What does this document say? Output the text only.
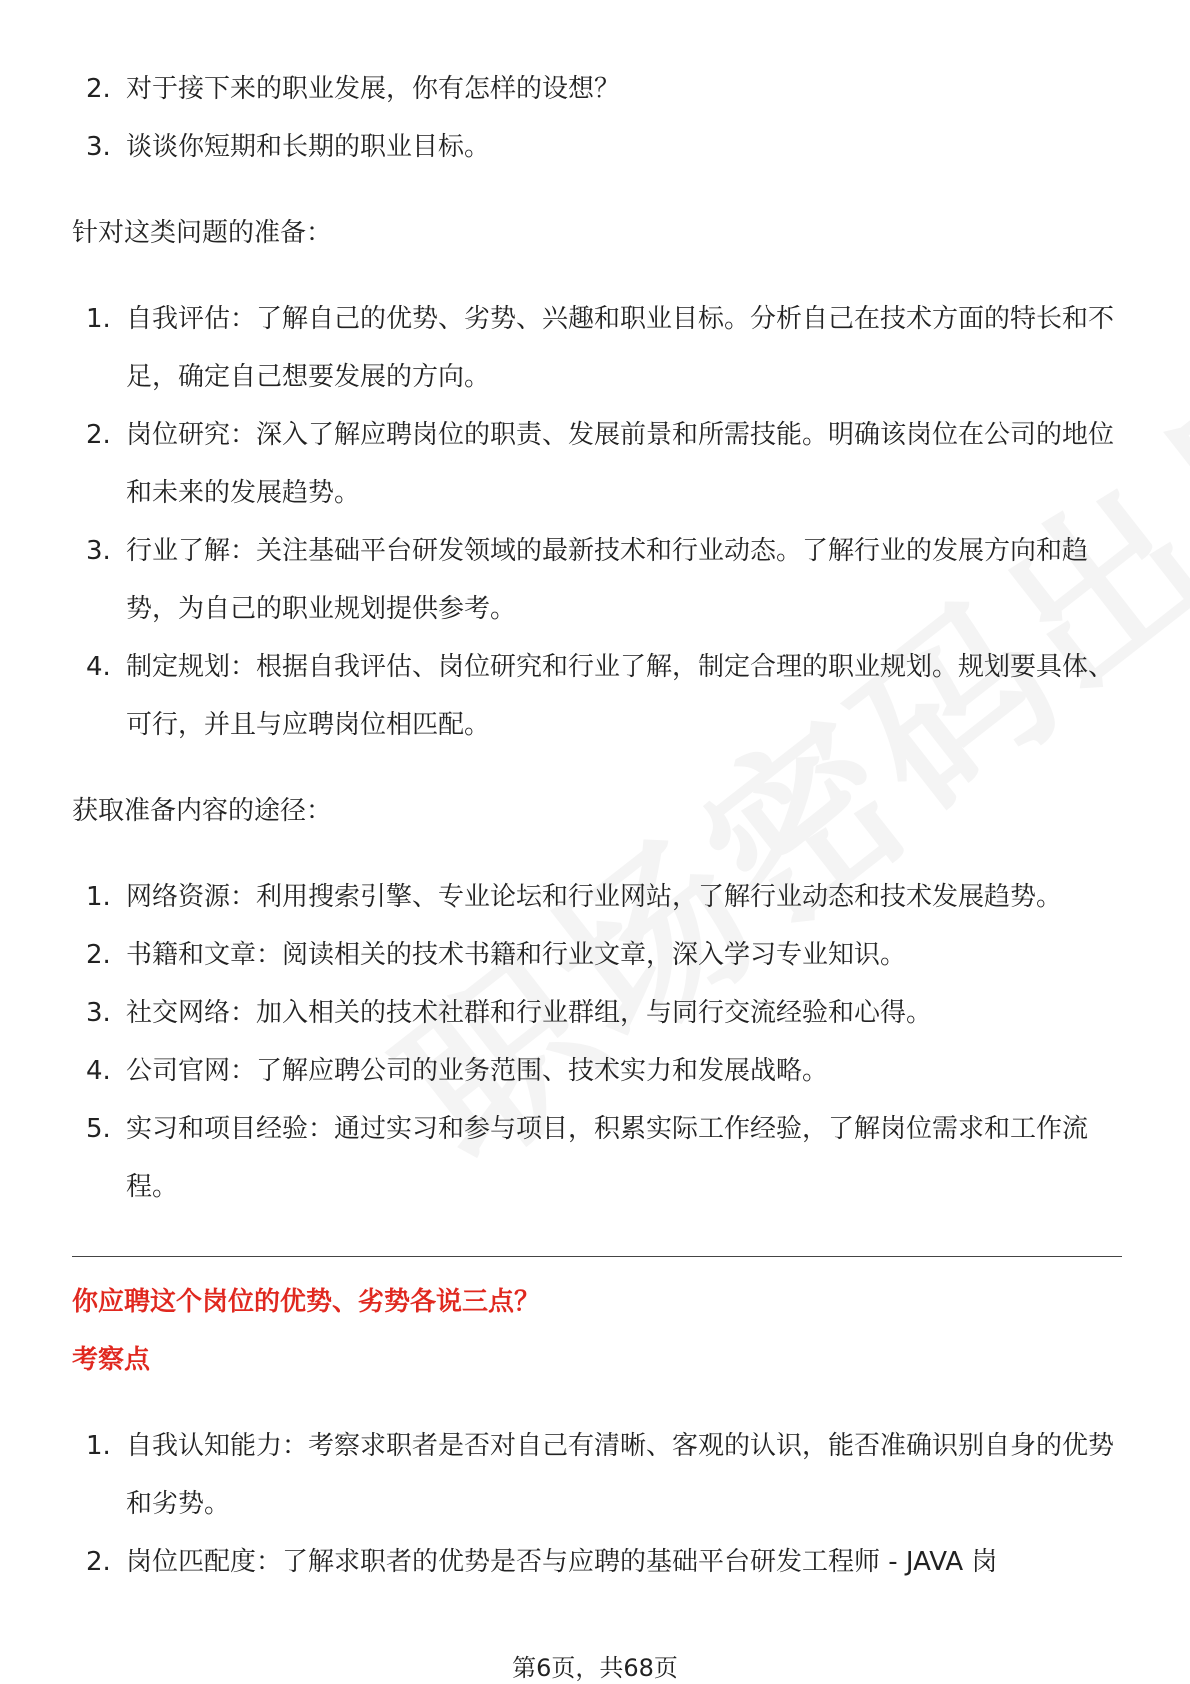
2. 对于接下来的职业发展，你有怎样的设想？
3. 谈谈你短期和长期的职业目标。
针对这类问题的准备：
1. 自我评估：了解自己的优势、劣势、兴趣和职业目标。分析自己在技术方面的特长和不足，确定自己想要发展的方向。
2. 岗位研究：深入了解应聘岗位的职责、发展前景和所需技能。明确该岗位在公司的地位和未来的发展趋势。
3. 行业了解：关注基础平台研发领域的最新技术和行业动态。了解行业的发展方向和趋势，为自己的职业规划提供参考。
4. 制定规划：根据自我评估、岗位研究和行业了解，制定合理的职业规划。规划要具体、可行，并且与应聘岗位相匹配。
获取准备内容的途径：
1. 网络资源：利用搜索引擎、专业论坛和行业网站，了解行业动态和技术发展趋势。
2. 书籍和文章：阅读相关的技术书籍和行业文章，深入学习专业知识。
3. 社交网络：加入相关的技术社群和行业群组，与同行交流经验和心得。
4. 公司官网：了解应聘公司的业务范围、技术实力和发展战略。
5. 实习和项目经验：通过实习和参与项目，积累实际工作经验，了解岗位需求和工作流程。
你应聘这个岗位的优势、劣势各说三点？
考察点
1. 自我认知能力：考察求职者是否对自己有清晰、客观的认识，能否准确识别自身的优势和劣势。
2. 岗位匹配度：了解求职者的优势是否与应聘的基础平台研发工程师 - JAVA 岗
第6页，共68页
